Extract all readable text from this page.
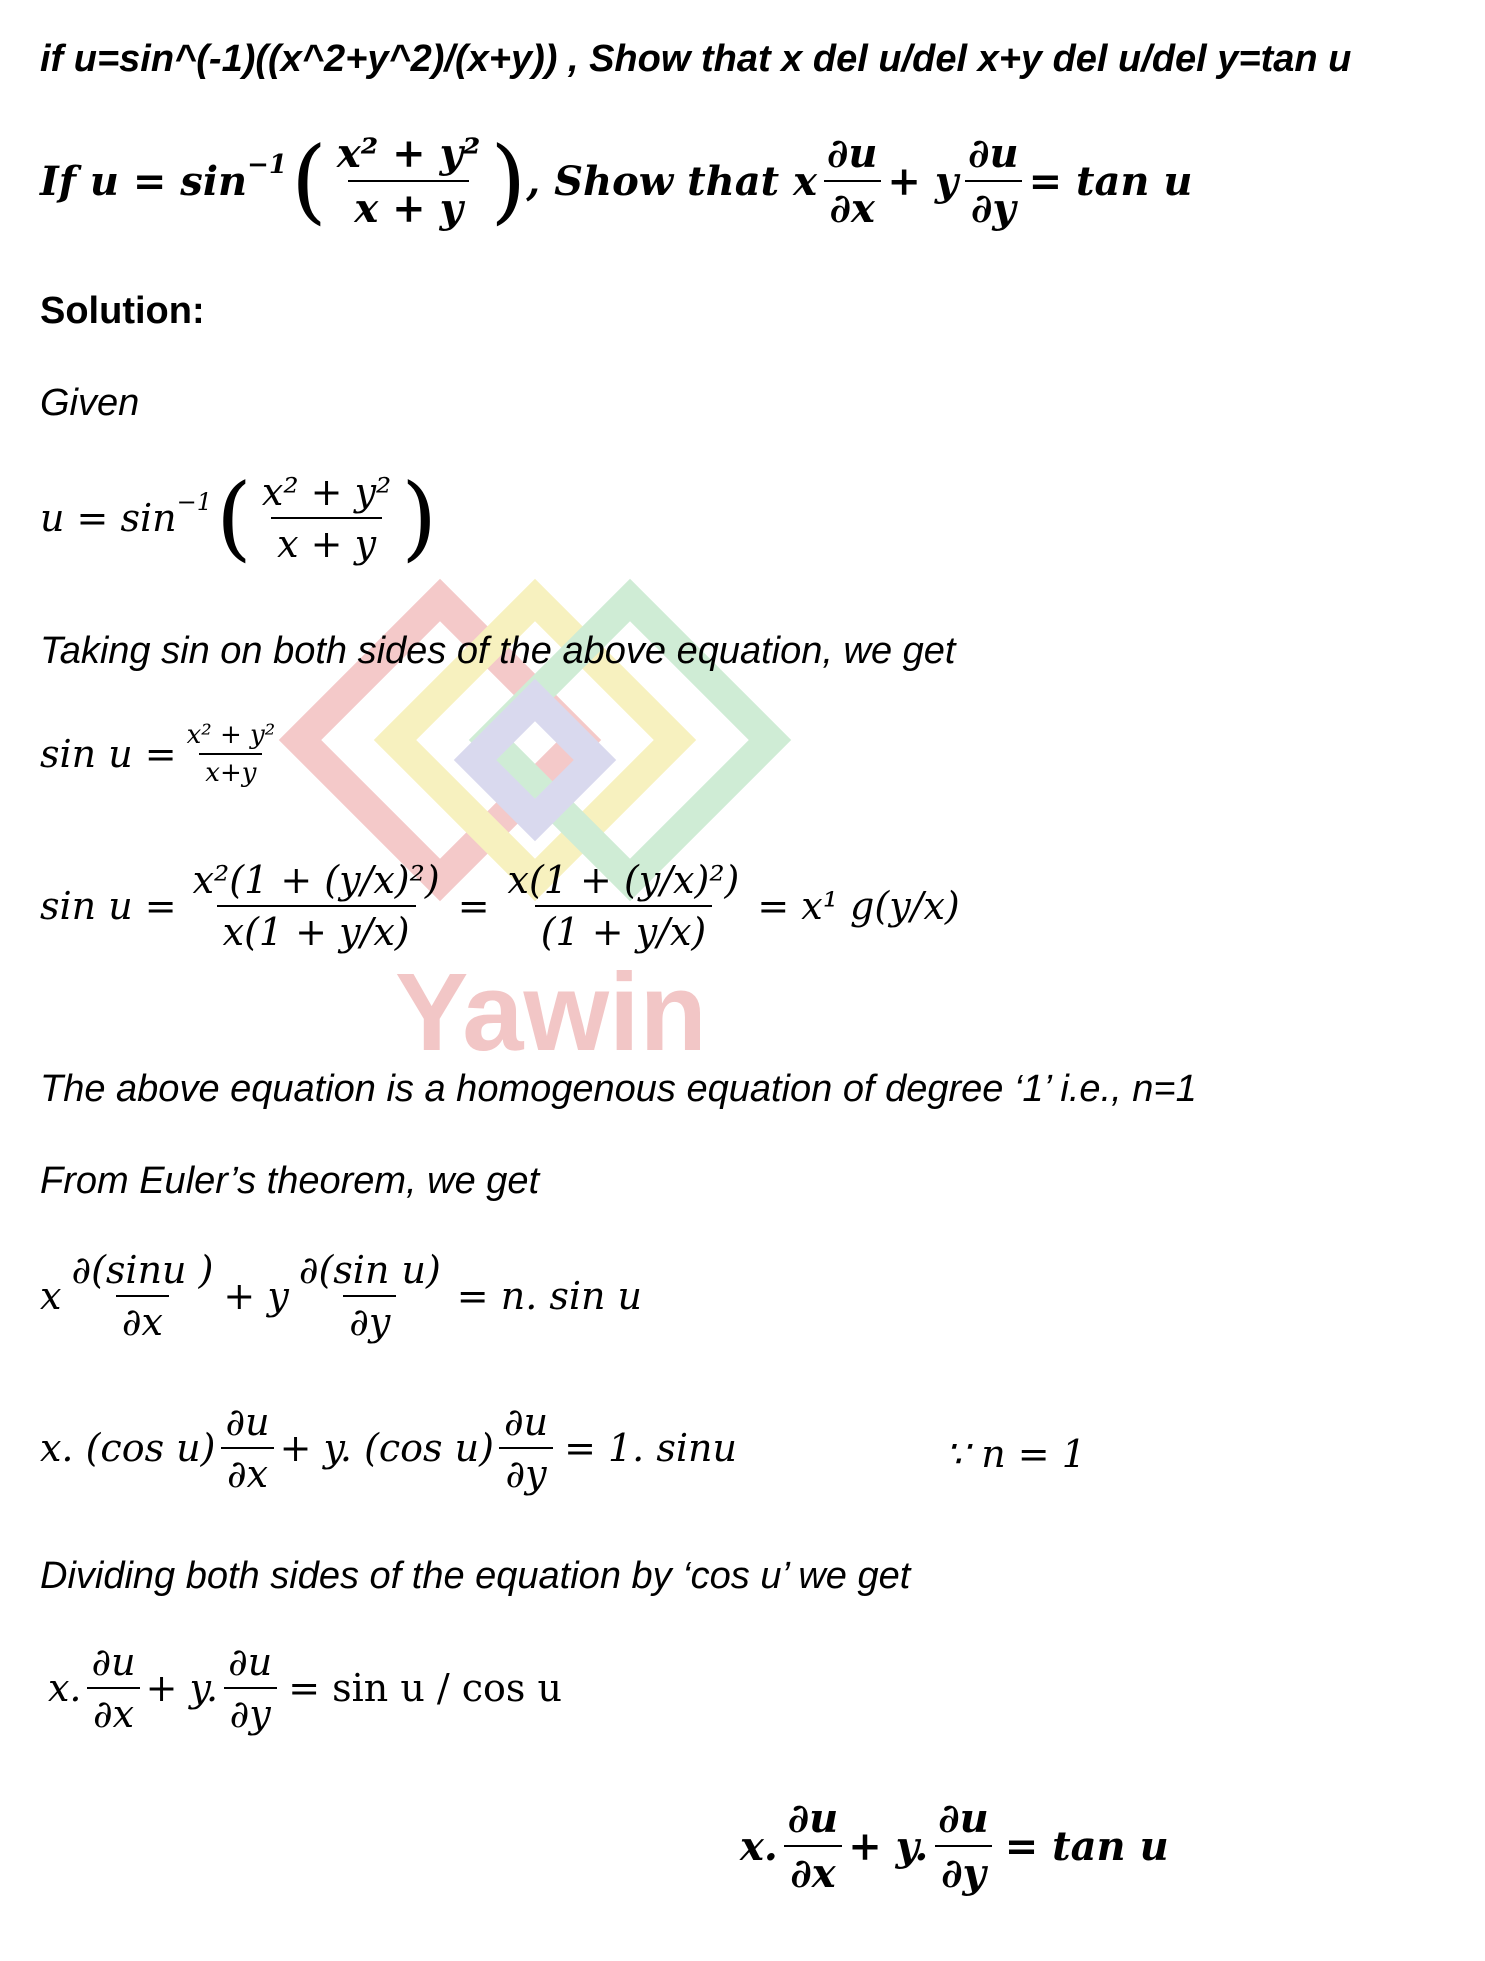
Yawin
if u=sin^(-1)((x^2+y^2)/(x+y)) , Show that x del u/del x+y del u/del y=tan u
If $u = \sin^{-1}$ ( $\frac{\text{x² + y²}}{x + y}$ ) , Show that x $\frac{\partial u}{\partial x} + y \frac{\partial u}{\partial y} = \tan u$
Solution:
Given
$u = \sin^{-1}$ ( $\frac{\text{x² + y²}}{x + y}$ )
Taking sin on both sides of the above equation, we get
$\sin u = \frac{\text{x² + y²}}{x+y}$
$\sin u = \frac{\text{x²(1 + (y/x)²)}}{x(1 + y/x)} = \frac{\text{x(1 + (y/x)²)}}{(1 + y/x)} = x^1$ g(y/x)
The above equation is a homogenous equation of degree ‘1’ i.e., n=1
From Euler’s theorem, we get
x $\frac{\partial(\sin u )}{\partial x} + y \frac{\text{∂(sin u)}}{\partial y} = n$. sin u
x. (cos $u) \frac{\partial u}{\partial x} + y$. (cos $u) \frac{\partial u}{\partial y} = 1$. sinu	∵ n = 1
Dividing both sides of the equation by ‘cos u’ we get
x. $\frac{\partial u}{\partial x} + y$. $\frac{\partial u}{\partial y} = \sin u / \cos u$
x. $\frac{\partial u}{\partial x} + y$. $\frac{\partial u}{\partial y} = \tan u$
